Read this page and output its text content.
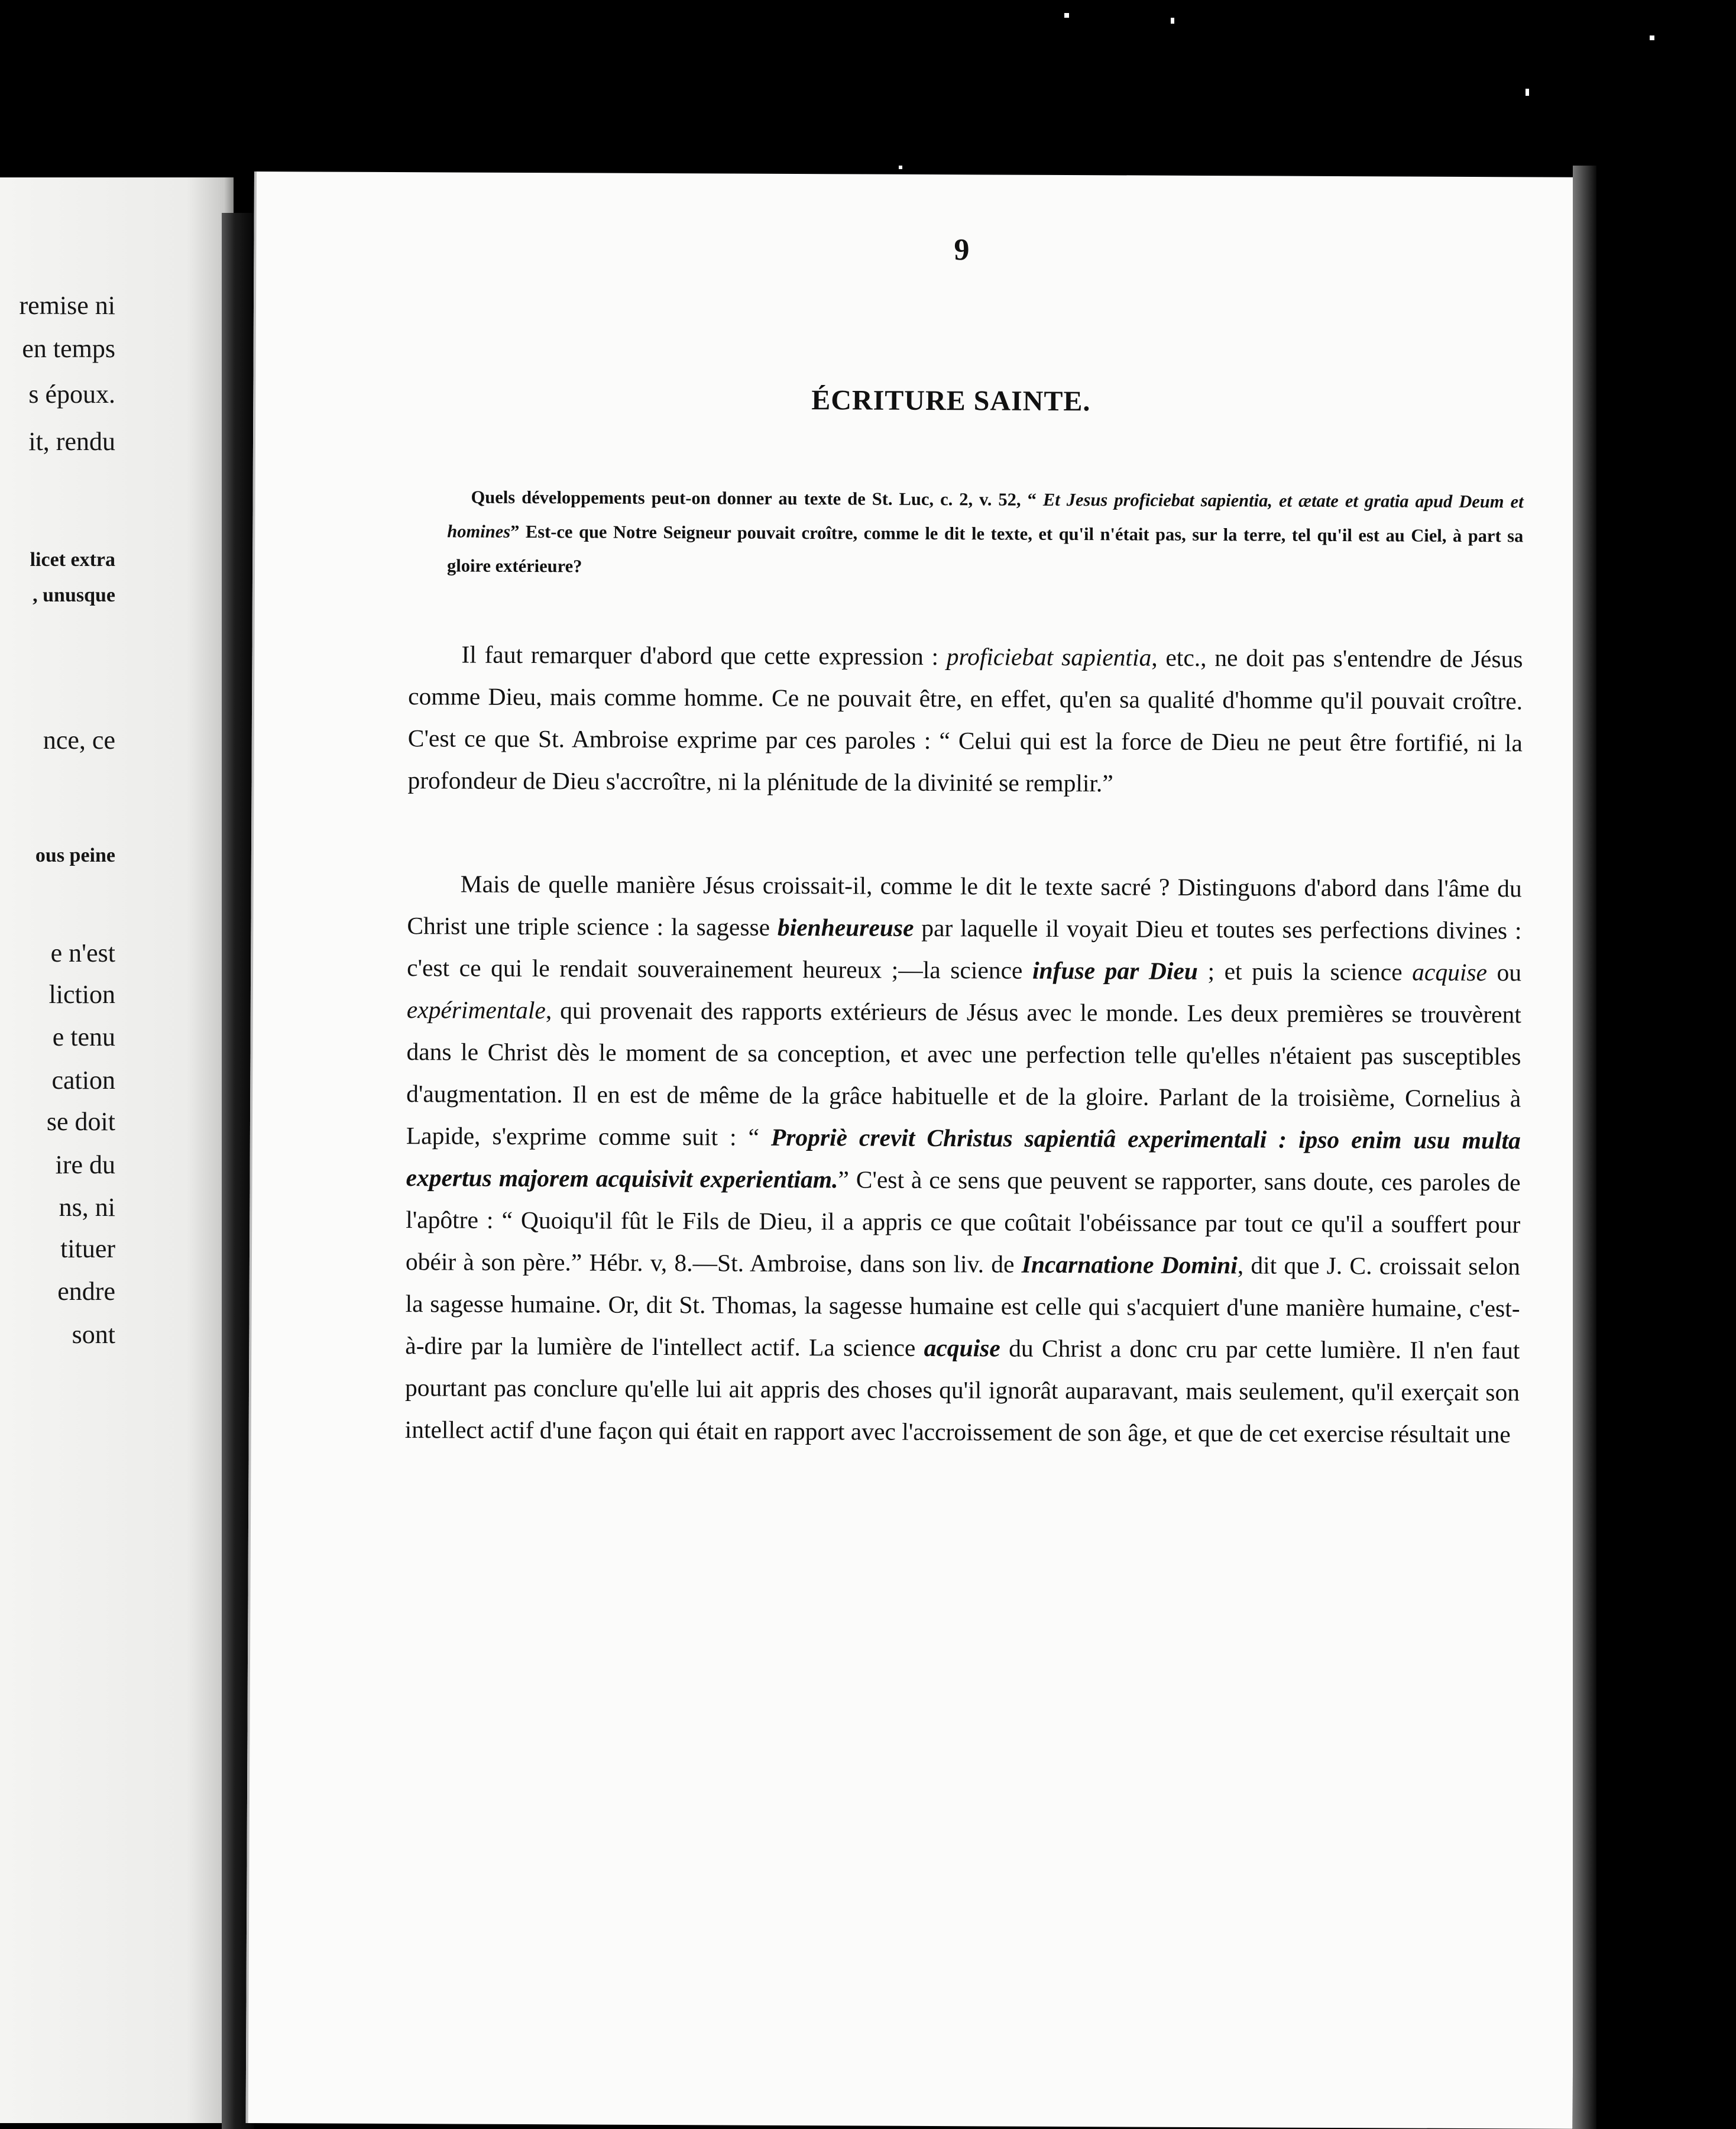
remise ni
en temps
s époux.
it, rendu
licet extra
, unusque
nce, ce
ous peine
e n'est
liction
e tenu
cation
se doit
ire du
ns, ni
tituer
endre
sont
9
ÉCRITURE SAINTE.
Quels développements peut-on donner au texte de St. Luc, c. 2, v. 52, “ Et Jesus proficiebat sapientia, et ætate et gratia apud Deum et homines” Est-ce que Notre Seigneur pouvait croître, comme le dit le texte, et qu'il n'était pas, sur la terre, tel qu'il est au Ciel, à part sa gloire extérieure?

Il faut remarquer d'abord que cette expression : proficiebat sapientia, etc., ne doit pas s'entendre de Jésus comme Dieu, mais comme homme. Ce ne pouvait être, en effet, qu'en sa qualité d'homme qu'il pouvait croître. C'est ce que St. Ambroise exprime par ces paroles : “ Celui qui est la force de Dieu ne peut être fortifié, ni la profondeur de Dieu s'accroître, ni la plénitude de la divinité se remplir.”

Mais de quelle manière Jésus croissait-il, comme le dit le texte sacré ? Distinguons d'abord dans l'âme du Christ une triple science : la sagesse bienheureuse par laquelle il voyait Dieu et toutes ses perfections divines : c'est ce qui le rendait souverainement heureux ;—la science infuse par Dieu ; et puis la science acquise ou expérimentale, qui provenait des rapports extérieurs de Jésus avec le monde. Les deux premières se trouvèrent dans le Christ dès le moment de sa conception, et avec une perfection telle qu'elles n'étaient pas susceptibles d'augmentation. Il en est de même de la grâce habituelle et de la gloire. Parlant de la troisième, Cornelius à Lapide, s'exprime comme suit : “ Propriè crevit Christus sapientiâ experimentali : ipso enim usu multa expertus majorem acquisivit experientiam.” C'est à ce sens que peuvent se rapporter, sans doute, ces paroles de l'apôtre : “ Quoiqu'il fût le Fils de Dieu, il a appris ce que coûtait l'obéissance par tout ce qu'il a souffert pour obéir à son père.” Hébr. v, 8.—St. Ambroise, dans son liv. de Incarnatione Domini, dit que J. C. croissait selon la sagesse humaine. Or, dit St. Thomas, la sagesse humaine est celle qui s'acquiert d'une manière humaine, c'est-à-dire par la lumière de l'intellect actif. La science acquise du Christ a donc cru par cette lumière. Il n'en faut pourtant pas conclure qu'elle lui ait appris des choses qu'il ignorât auparavant, mais seulement, qu'il exerçait son intellect actif d'une façon qui était en rapport avec l'accroissement de son âge, et que de cet exercise résultait une
